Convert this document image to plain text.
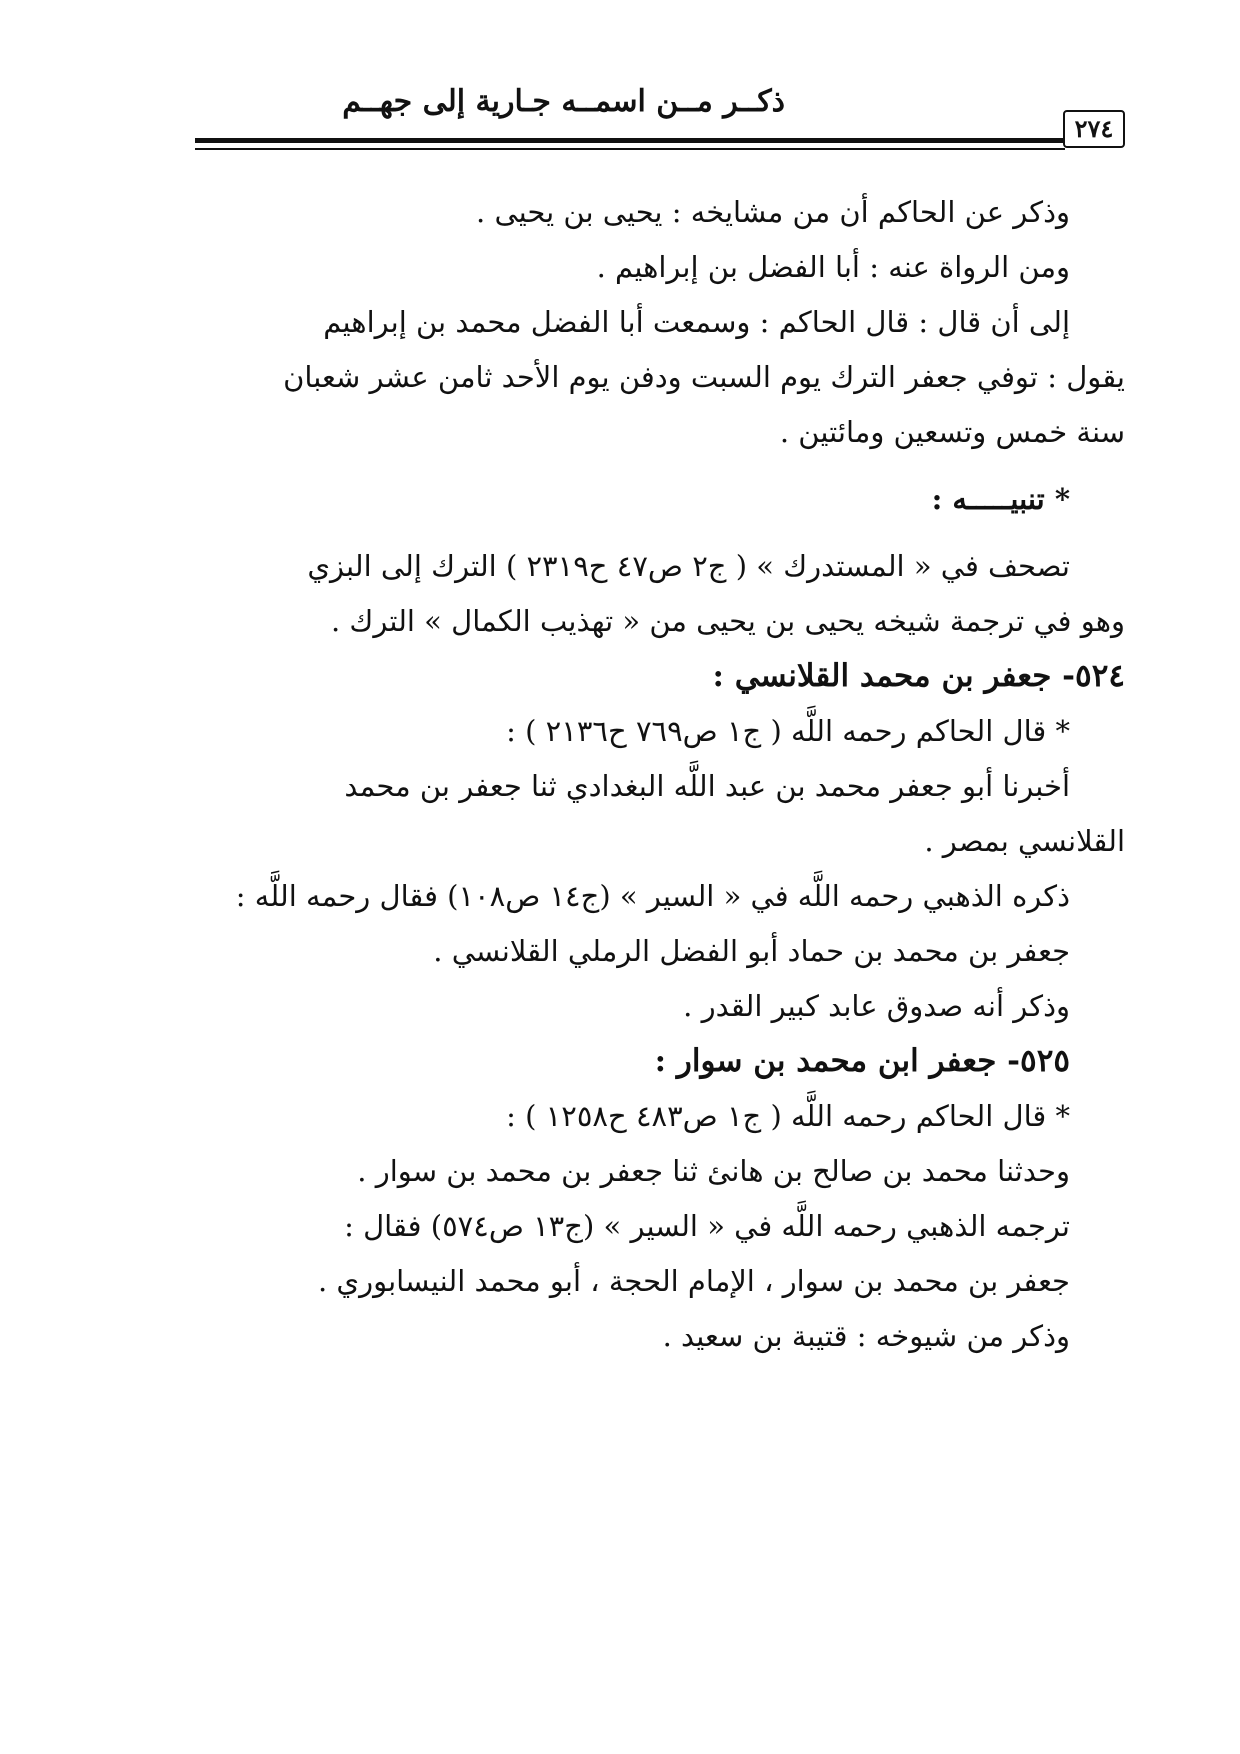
ذكــر مــن اسمــه جـارية إلى جهــم
٢٧٤
وذكر عن الحاكم أن من مشايخه : يحيى بن يحيى .
ومن الرواة عنه : أبا الفضل بن إبراهيم .
إلى أن قال : قال الحاكم : وسمعت أبا الفضل محمد بن إبراهيم
يقول : توفي جعفر الترك يوم السبت ودفن يوم الأحد ثامن عشر شعبان
سنة خمس وتسعين ومائتين .
* تنبيـــــه :
تصحف في « المستدرك » ( ج٢ ص٤٧ ح٢٣١٩ ) الترك إلى البزي
وهو في ترجمة شيخه يحيى بن يحيى من « تهذيب الكمال » الترك .
٥٢٤- جعفر بن محمد القلانسي :
* قال الحاكم رحمه اللَّه ( ج١ ص٧٦٩ ح٢١٣٦ ) :
أخبرنا أبو جعفر محمد بن عبد اللَّه البغدادي ثنا جعفر بن محمد
القلانسي بمصر .
ذكره الذهبي رحمه اللَّه في « السير » (ج١٤ ص١٠٨) فقال رحمه اللَّه :
جعفر بن محمد بن حماد أبو الفضل الرملي القلانسي .
وذكر أنه صدوق عابد كبير القدر .
٥٢٥- جعفر ابن محمد بن سوار :
* قال الحاكم رحمه اللَّه ( ج١ ص٤٨٣ ح١٢٥٨ ) :
وحدثنا محمد بن صالح بن هانئ ثنا جعفر بن محمد بن سوار .
ترجمه الذهبي رحمه اللَّه في « السير » (ج١٣ ص٥٧٤) فقال :
جعفر بن محمد بن سوار ، الإمام الحجة ، أبو محمد النيسابوري .
وذكر من شيوخه : قتيبة بن سعيد .
